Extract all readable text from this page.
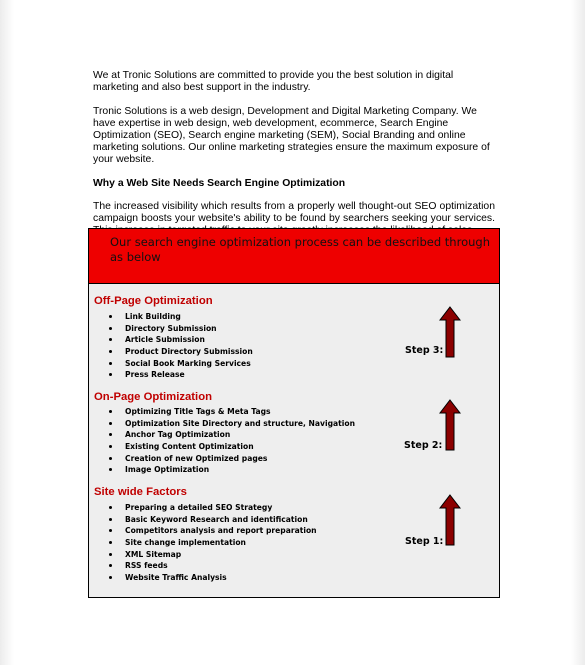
We at Tronic Solutions are committed to provide you the best solution in digital marketing and also best support in the industry.

Tronic Solutions is a web design, Development and Digital Marketing Company. We have expertise in web design, web development, ecommerce, Search Engine Optimization (SEO), Search engine marketing (SEM), Social Branding and online marketing solutions. Our online marketing strategies ensure the maximum exposure of your website.

Why a Web Site Needs Search Engine Optimization

The increased visibility which results from a properly well thought-out SEO optimization campaign boosts your website's ability to be found by searchers seeking your services.

Our search engine optimization process can be described through as below
Off-Page Optimization
Link Building
Directory Submission
Article Submission
Product Directory Submission
Social Book Marking Services
Press Release
Step 3:
On-Page Optimization
Optimizing Title Tags & Meta Tags
Optimization Site Directory and structure, Navigation
Anchor Tag Optimization
Existing Content Optimization
Creation of new Optimized pages
Image Optimization
Step 2:
Site wide Factors
Preparing a detailed SEO Strategy
Basic Keyword Research and identification
Competitors analysis and report preparation
Site change implementation
XML Sitemap
RSS feeds
Website Traffic Analysis
Step 1:
